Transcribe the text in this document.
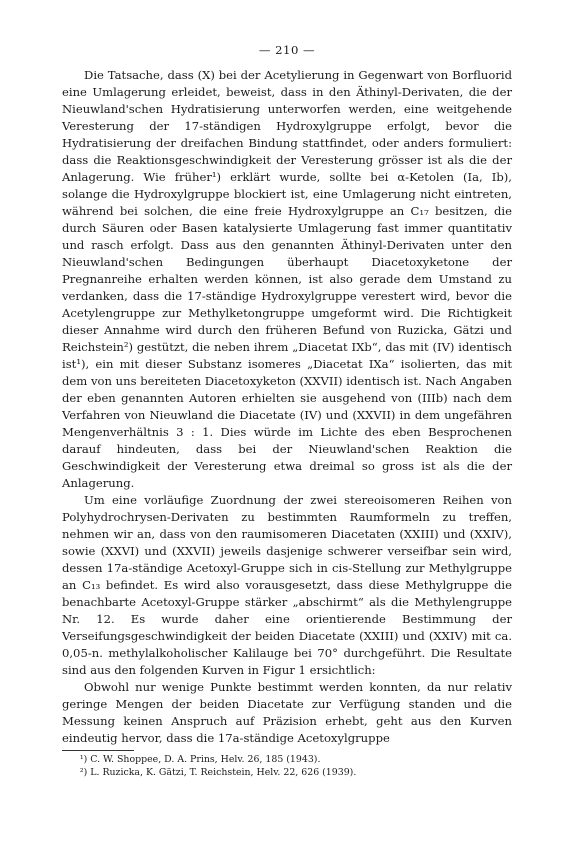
— 210 —

Die Tatsache, dass (X) bei der Acetylierung in Gegenwart von Borfluorid eine Umlagerung erleidet, beweist, dass in den Äthinyl-Derivaten, die der Nieuwland'schen Hydratisierung unterworfen werden, eine weitgehende Veresterung der 17-ständigen Hydroxylgruppe erfolgt, bevor die Hydratisierung der dreifachen Bindung stattfindet, oder anders formuliert: dass die Reaktionsgeschwindigkeit der Veresterung grösser ist als die der Anlagerung. Wie früher¹) erklärt wurde, sollte bei α-Ketolen (Ia, Ib), solange die Hydroxylgruppe blockiert ist, eine Umlagerung nicht eintreten, während bei solchen, die eine freie Hydroxylgruppe an C₁₇ besitzen, die durch Säuren oder Basen katalysierte Umlagerung fast immer quantitativ und rasch erfolgt. Dass aus den genannten Äthinyl-Derivaten unter den Nieuwland'schen Bedingungen überhaupt Diacetoxyketone der Pregnanreihe erhalten werden können, ist also gerade dem Umstand zu verdanken, dass die 17-ständige Hydroxylgruppe verestert wird, bevor die Acetylengruppe zur Methylketongruppe umgeformt wird. Die Richtigkeit dieser Annahme wird durch den früheren Befund von Ruzicka, Gätzi und Reichstein²) gestützt, die neben ihrem „Diacetat IXb“, das mit (IV) identisch ist¹), ein mit dieser Substanz isomeres „Diacetat IXa“ isolierten, das mit dem von uns bereiteten Diacetoxyketon (XXVII) identisch ist. Nach Angaben der eben genannten Autoren erhielten sie ausgehend von (IIIb) nach dem Verfahren von Nieuwland die Diacetate (IV) und (XXVII) in dem ungefähren Mengenverhältnis 3 : 1. Dies würde im Lichte des eben Besprochenen darauf hindeuten, dass bei der Nieuwland'schen Reaktion die Geschwindigkeit der Veresterung etwa dreimal so gross ist als die der Anlagerung.

Um eine vorläufige Zuordnung der zwei stereoisomeren Reihen von Polyhydrochrysen-Derivaten zu bestimmten Raumformeln zu treffen, nehmen wir an, dass von den raumisomeren Diacetaten (XXIII) und (XXIV), sowie (XXVI) und (XXVII) jeweils dasjenige schwerer verseifbar sein wird, dessen 17a-ständige Acetoxyl-Gruppe sich in cis-Stellung zur Methylgruppe an C₁₃ befindet. Es wird also vorausgesetzt, dass diese Methylgruppe die benachbarte Acetoxyl-Gruppe stärker „abschirmt“ als die Methylengruppe Nr. 12. Es wurde daher eine orientierende Bestimmung der Verseifungsgeschwindigkeit der beiden Diacetate (XXIII) und (XXIV) mit ca. 0,05-n. methylalkoholischer Kalilauge bei 70° durchgeführt. Die Resultate sind aus den folgenden Kurven in Figur 1 ersichtlich:

Obwohl nur wenige Punkte bestimmt werden konnten, da nur relativ geringe Mengen der beiden Diacetate zur Verfügung standen und die Messung keinen Anspruch auf Präzision erhebt, geht aus den Kurven eindeutig hervor, dass die 17a-ständige Acetoxylgruppe

¹) C. W. Shoppee, D. A. Prins, Helv. 26, 185 (1943).
²) L. Ruzicka, K. Gätzi, T. Reichstein, Helv. 22, 626 (1939).
